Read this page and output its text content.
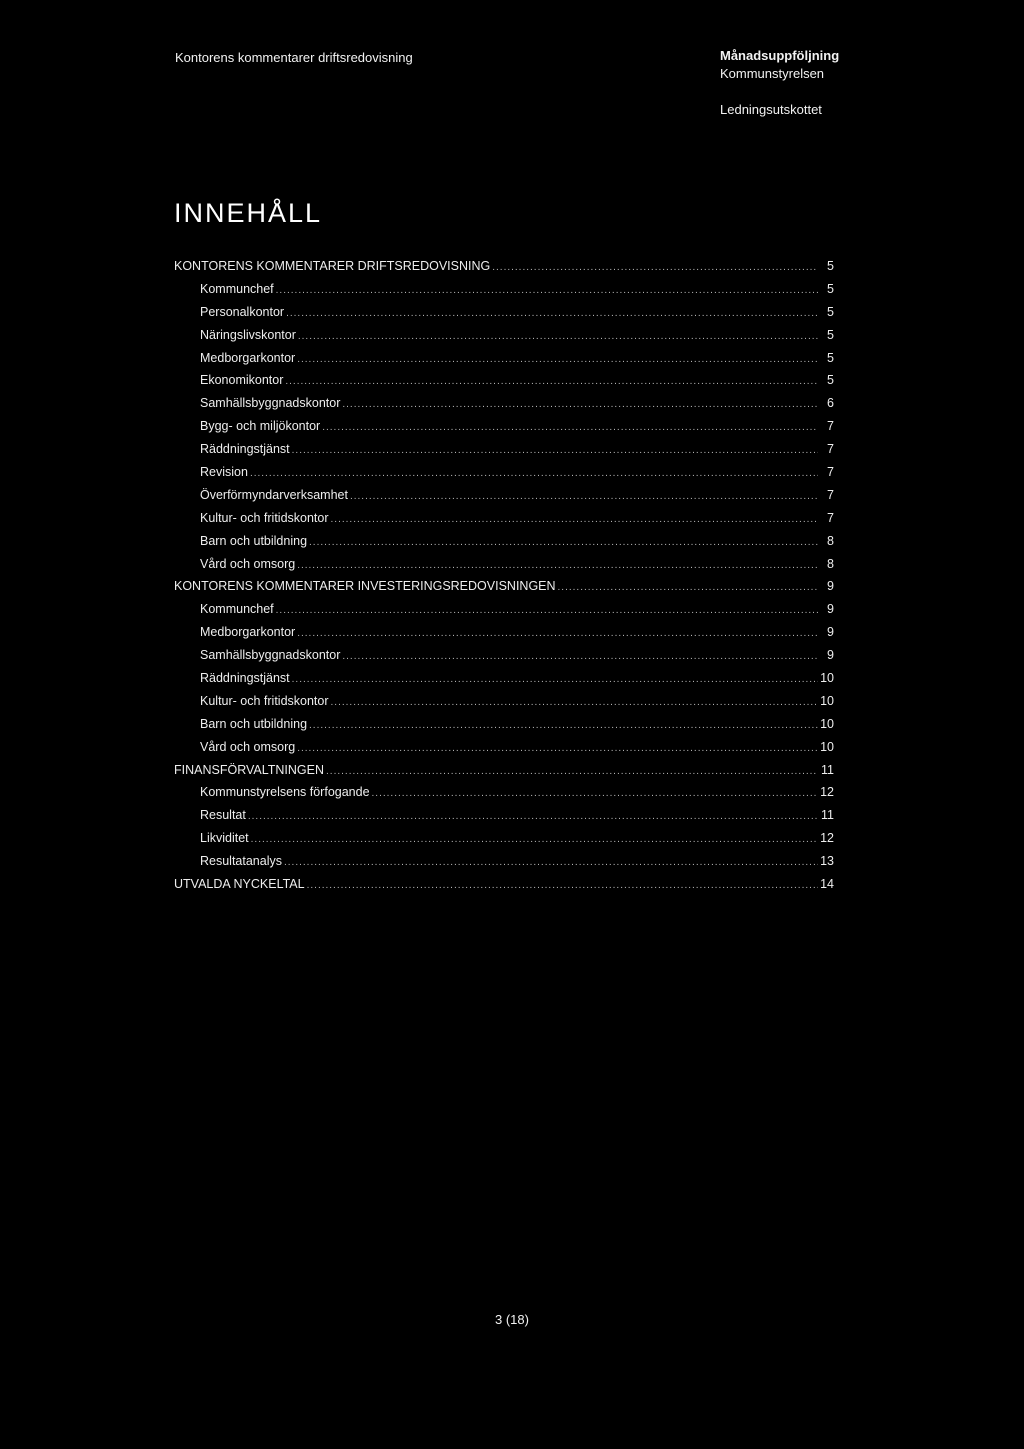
Kontorens kommentarer driftsredovisning	Månadsuppföljning
Kommunstyrelsen
Ledningsutskottet
INNEHÅLL
KONTORENS KOMMENTARER DRIFTSREDOVISNING .....	5
Kommunchef .....	5
Personalkontor .....	5
Näringslivskontor .....	5
Medborgarkontor .....	5
Ekonomikontor .....	5
Samhällsbyggnadskontor .....	6
Bygg- och miljökontor .....	7
Räddningstjänst .....	7
Revision .....	7
Överförmyndarverksamhet .....	7
Kultur- och fritidskontor .....	7
Barn och utbildning .....	8
Vård och omsorg .....	8
KONTORENS KOMMENTARER INVESTERINGSREDOVISNINGEN .....	9
Kommunchef .....	9
Medborgarkontor .....	9
Samhällsbyggnadskontor .....	9
Räddningstjänst .....	10
Kultur- och fritidskontor .....	10
Barn och utbildning .....	10
Vård och omsorg .....	10
FINANSFÖRVALTNINGEN .....	11
Kommunstyrelsens förfogande .....	12
Resultat .....	11
Likviditet .....	12
Resultatanalys .....	13
UTVALDA NYCKELTAL .....	14
3 (18)
